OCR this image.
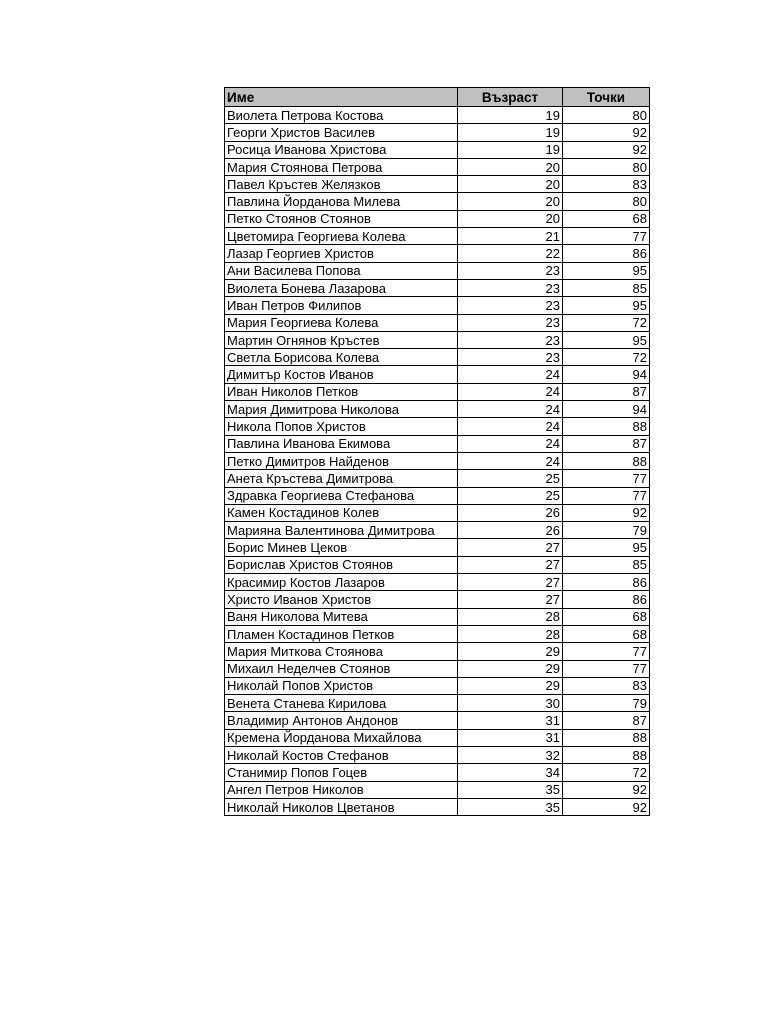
Име	Възраст	Точки
Виолета Петрова Костова	19	80
Георги Христов Василев	19	92
Росица Иванова Христова	19	92
Мария Стоянова Петрова	20	80
Павел Кръстев Желязков	20	83
Павлина Йорданова Милева	20	80
Петко Стоянов Стоянов	20	68
Цветомира Георгиева Колева	21	77
Лазар Георгиев Христов	22	86
Ани Василева Попова	23	95
Виолета Бонева Лазарова	23	85
Иван Петров Филипов	23	95
Мария Георгиева Колева	23	72
Мартин Огнянов Кръстев	23	95
Светла Борисова Колева	23	72
Димитър Костов Иванов	24	94
Иван Николов Петков	24	87
Мария Димитрова Николова	24	94
Никола Попов Христов	24	88
Павлина Иванова Екимова	24	87
Петко Димитров Найденов	24	88
Анета Кръстева Димитрова	25	77
Здравка Георгиева Стефанова	25	77
Камен Костадинов Колев	26	92
Марияна Валентинова Димитрова	26	79
Борис Минев Цеков	27	95
Борислав Христов Стоянов	27	85
Красимир Костов Лазаров	27	86
Христо Иванов Христов	27	86
Ваня Николова Митева	28	68
Пламен Костадинов Петков	28	68
Мария Миткова Стоянова	29	77
Михаил Неделчев Стоянов	29	77
Николай Попов Христов	29	83
Венета Станева Кирилова	30	79
Владимир Антонов Андонов	31	87
Кремена Йорданова Михайлова	31	88
Николай Костов Стефанов	32	88
Станимир Попов Гоцев	34	72
Ангел Петров Николов	35	92
Николай Николов Цветанов	35	92
